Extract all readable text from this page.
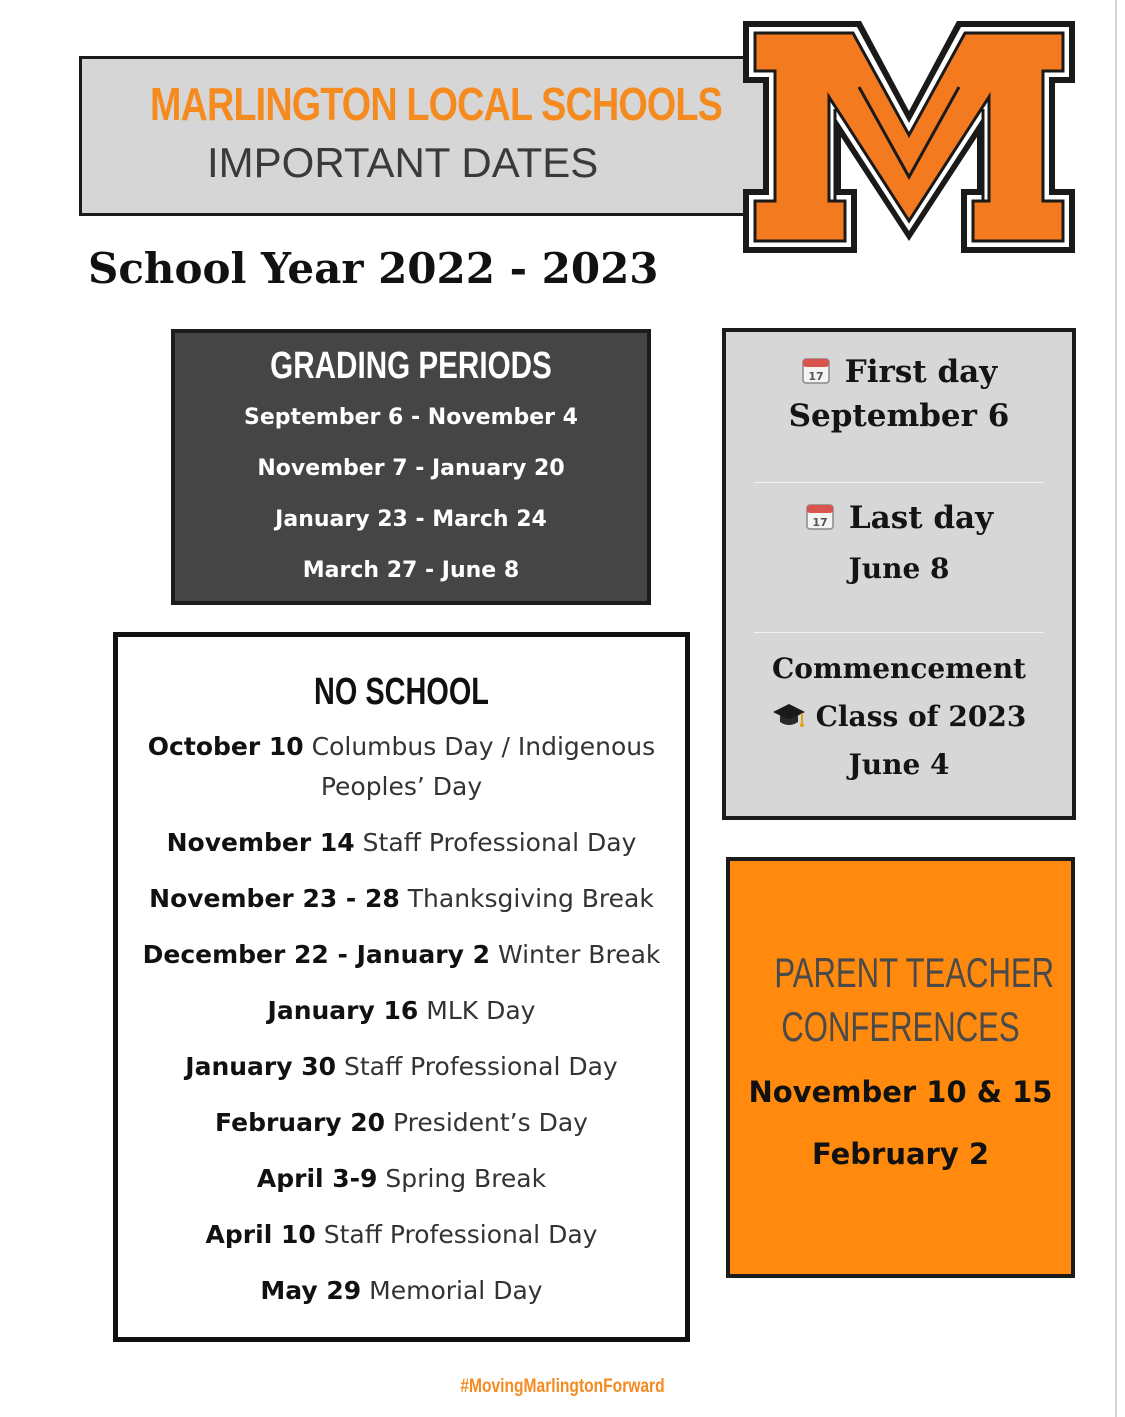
MARLINGTON LOCAL SCHOOLS
IMPORTANT DATES
School Year 2022 - 2023
GRADING PERIODS
September 6 - November 4
November 7 - January 20
January 23 - March 24
March 27 - June 8
17 First day
September 6
17 Last day
June 8
Commencement
Class of 2023
June 4
NO SCHOOL
October 10 Columbus Day / Indigenous Peoples’ Day
November 14 Staff Professional Day
November 23 - 28 Thanksgiving Break
December 22 - January 2 Winter Break
January 16 MLK Day
January 30 Staff Professional Day
February 20 President’s Day
April 3-9 Spring Break
April 10 Staff Professional Day
May 29 Memorial Day
PARENT TEACHER
CONFERENCES
November 10 & 15
February 2
#MovingMarlingtonForward
